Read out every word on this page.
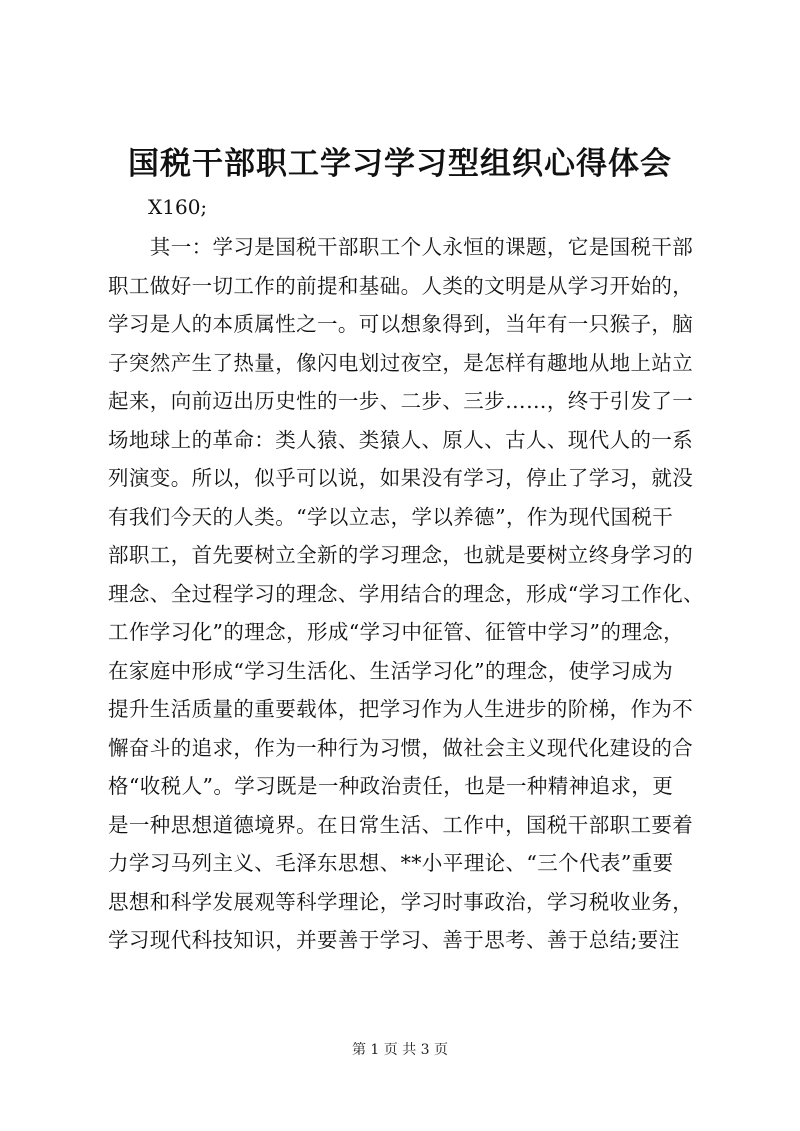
国税干部职工学习学习型组织心得体会
X160;
　　其一：学习是国税干部职工个人永恒的课题，它是国税干部
职工做好一切工作的前提和基础。人类的文明是从学习开始的，
学习是人的本质属性之一。可以想象得到，当年有一只猴子，脑
子突然产生了热量，像闪电划过夜空，是怎样有趣地从地上站立
起来，向前迈出历史性的一步、二步、三步……，终于引发了一
场地球上的革命：类人猿、类猿人、原人、古人、现代人的一系
列演变。所以，似乎可以说，如果没有学习，停止了学习，就没
有我们今天的人类。“学以立志，学以养德”，作为现代国税干
部职工，首先要树立全新的学习理念，也就是要树立终身学习的
理念、全过程学习的理念、学用结合的理念，形成“学习工作化、
工作学习化”的理念，形成“学习中征管、征管中学习”的理念，
在家庭中形成“学习生活化、生活学习化”的理念，使学习成为
提升生活质量的重要载体，把学习作为人生进步的阶梯，作为不
懈奋斗的追求，作为一种行为习惯，做社会主义现代化建设的合
格“收税人”。学习既是一种政治责任，也是一种精神追求，更
是一种思想道德境界。在日常生活、工作中，国税干部职工要着
力学习马列主义、毛泽东思想、**小平理论、“三个代表”重要
思想和科学发展观等科学理论，学习时事政治，学习税收业务，
学习现代科技知识，并要善于学习、善于思考、善于总结;要注
第 1 页 共 3 页
